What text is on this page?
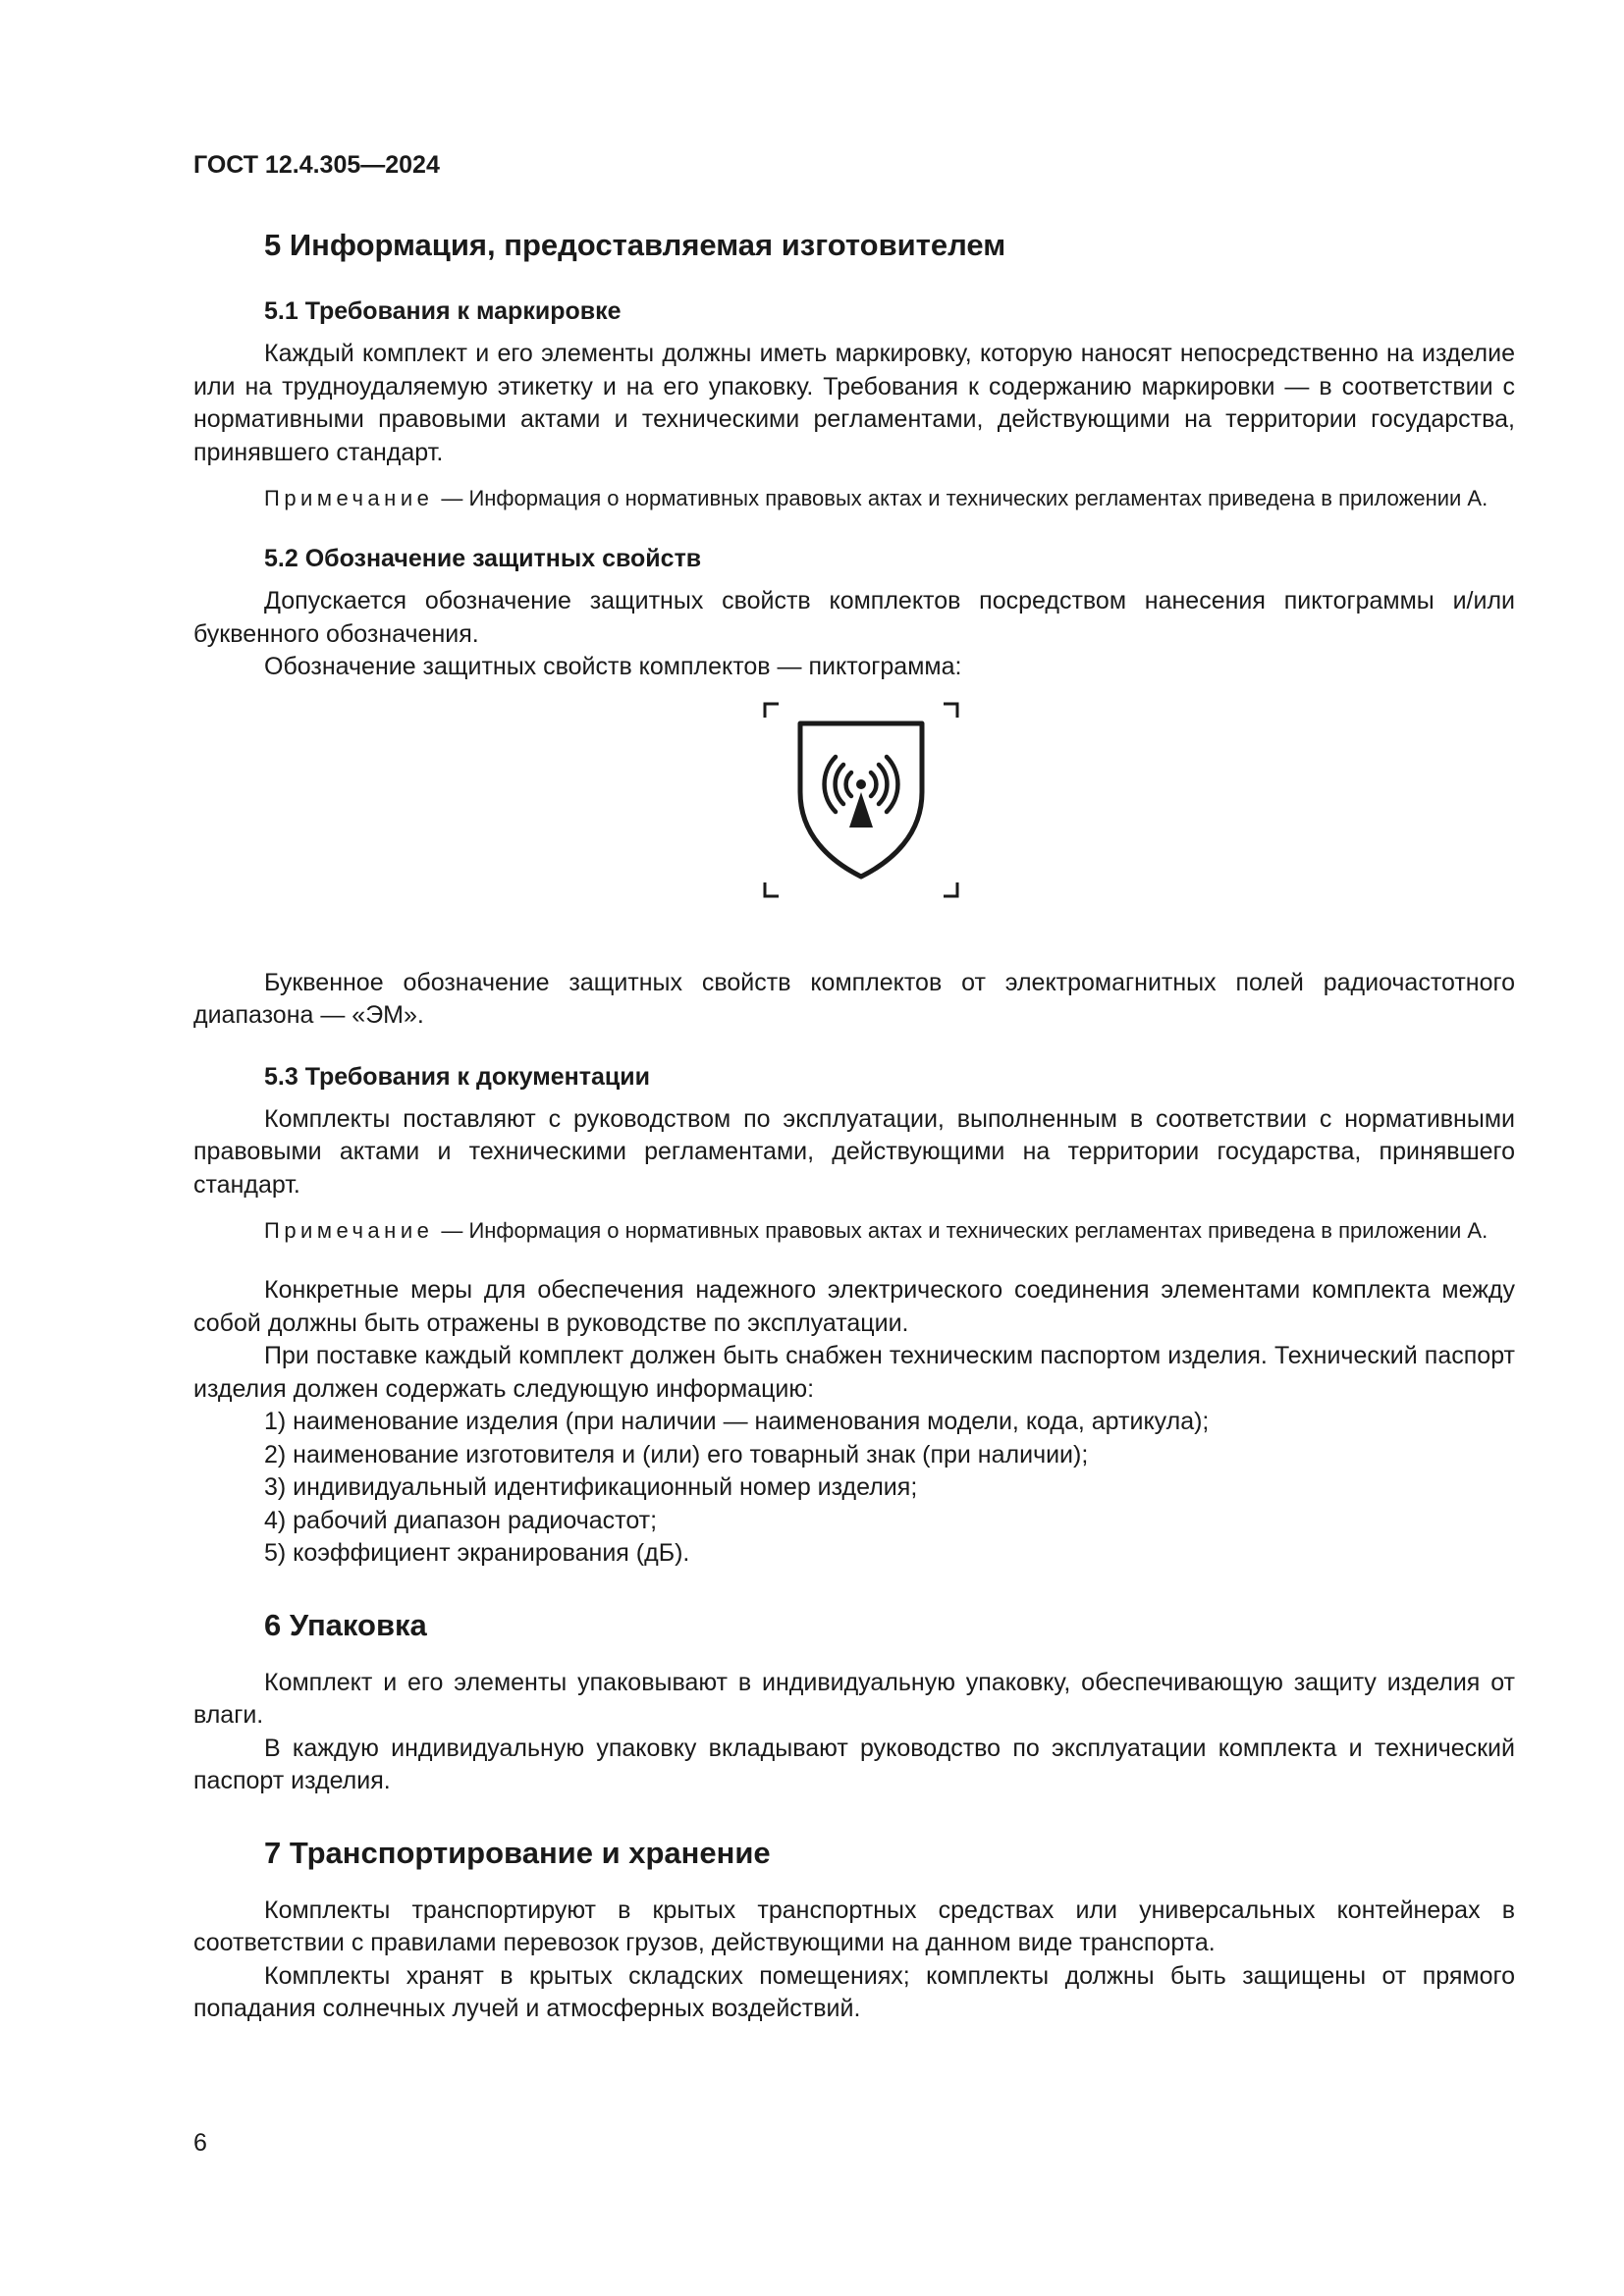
ГОСТ 12.4.305—2024
5 Информация, предоставляемая изготовителем
5.1 Требования к маркировке

Каждый комплект и его элементы должны иметь маркировку, которую наносят непосредственно на изделие или на трудноудаляемую этикетку и на его упаковку. Требования к содержанию маркировки — в соответствии с нормативными правовыми актами и техническими регламентами, действующими на территории государства, принявшего стандарт.

Примечание — Информация о нормативных правовых актах и технических регламентах приведена в приложении А.

5.2 Обозначение защитных свойств

Допускается обозначение защитных свойств комплектов посредством нанесения пиктограммы и/или буквенного обозначения.

Обозначение защитных свойств комплектов — пиктограмма:

Буквенное обозначение защитных свойств комплектов от электромагнитных полей радиочастотного диапазона — «ЭМ».

5.3 Требования к документации

Комплекты поставляют с руководством по эксплуатации, выполненным в соответствии с нормативными правовыми актами и техническими регламентами, действующими на территории государства, принявшего стандарт.

Примечание — Информация о нормативных правовых актах и технических регламентах приведена в приложении А.

Конкретные меры для обеспечения надежного электрического соединения элементами комплекта между собой должны быть отражены в руководстве по эксплуатации.

При поставке каждый комплект должен быть снабжен техническим паспортом изделия. Технический паспорт изделия должен содержать следующую информацию:

1) наименование изделия (при наличии — наименования модели, кода, артикула);
2) наименование изготовителя и (или) его товарный знак (при наличии);
3) индивидуальный идентификационный номер изделия;
4) рабочий диапазон радиочастот;
5) коэффициент экранирования (дБ).
6 Упаковка

Комплект и его элементы упаковывают в индивидуальную упаковку, обеспечивающую защиту изделия от влаги.

В каждую индивидуальную упаковку вкладывают руководство по эксплуатации комплекта и технический паспорт изделия.

7 Транспортирование и хранение

Комплекты транспортируют в крытых транспортных средствах или универсальных контейнерах в соответствии с правилами перевозок грузов, действующими на данном виде транспорта.

Комплекты хранят в крытых складских помещениях; комплекты должны быть защищены от прямого попадания солнечных лучей и атмосферных воздействий.

6
